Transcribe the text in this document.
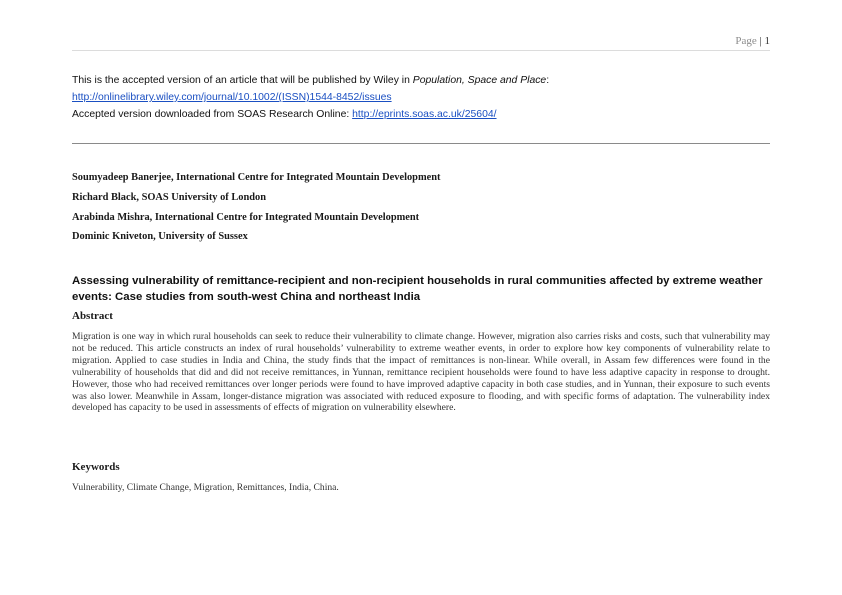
Page | 1
This is the accepted version of an article that will be published by Wiley in Population, Space and Place:
http://onlinelibrary.wiley.com/journal/10.1002/(ISSN)1544-8452/issues
Accepted version downloaded from SOAS Research Online: http://eprints.soas.ac.uk/25604/
Soumyadeep Banerjee, International Centre for Integrated Mountain Development
Richard Black, SOAS University of London
Arabinda Mishra, International Centre for Integrated Mountain Development
Dominic Kniveton, University of Sussex
Assessing vulnerability of remittance-recipient and non-recipient households in rural communities affected by extreme weather events: Case studies from south-west China and northeast India
Abstract
Migration is one way in which rural households can seek to reduce their vulnerability to climate change. However, migration also carries risks and costs, such that vulnerability may not be reduced. This article constructs an index of rural households’ vulnerability to extreme weather events, in order to explore how key components of vulnerability relate to migration. Applied to case studies in India and China, the study finds that the impact of remittances is non-linear. While overall, in Assam few differences were found in the vulnerability of households that did and did not receive remittances, in Yunnan, remittance recipient households were found to have less adaptive capacity in response to drought. However, those who had received remittances over longer periods were found to have improved adaptive capacity in both case studies, and in Yunnan, their exposure to such events was also lower. Meanwhile in Assam, longer-distance migration was associated with reduced exposure to flooding, and with specific forms of adaptation. The vulnerability index developed has capacity to be used in assessments of effects of migration on vulnerability elsewhere.
Keywords
Vulnerability, Climate Change, Migration, Remittances, India, China.
